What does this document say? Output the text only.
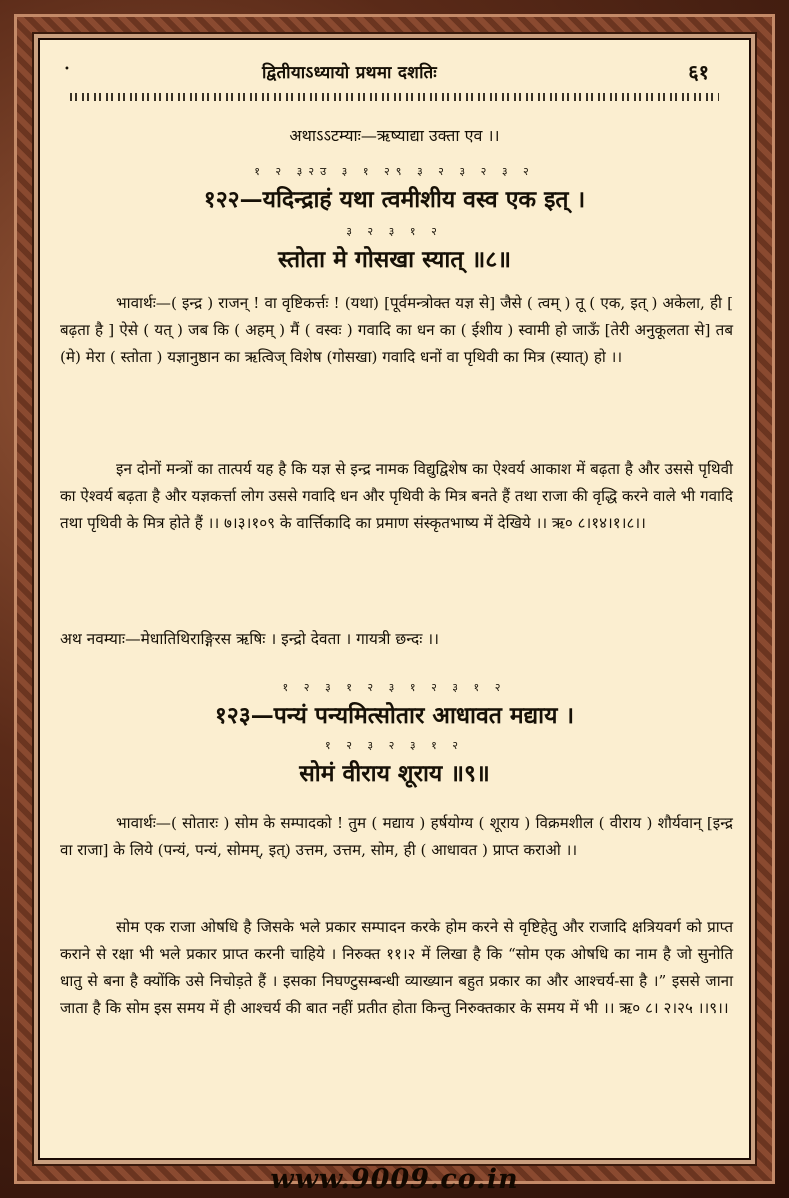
•	द्वितीयाऽध्यायो प्रथमा दशतिः	६१
अथाऽऽटम्याः—ऋष्याद्या उक्ता एव ।।
१ २ ३२उ ३ १ २९ ३ २ ३ २ ३ २
१२२—यदिन्द्राहं यथा त्वमीशीय वस्व एक इत् ।
३ २ ३ १ २
स्तोता मे गोसखा स्यात् ॥८॥
भावार्थः—( इन्द्र ) राजन् ! वा वृष्टिकर्त्तः ! (यथा) [पूर्वमन्त्रोक्त यज्ञ से] जैसे ( त्वम् ) तू ( एक, इत् ) अकेला, ही [ बढ़ता है ] ऐसे ( यत् ) जब कि ( अहम् ) मैं ( वस्वः ) गवादि का धन का ( ईशीय ) स्वामी हो जाऊँ [तेरी अनुकूलता से] तब (मे) मेरा ( स्तोता ) यज्ञानुष्ठान का ऋत्विज् विशेष (गोसखा) गवादि धनों वा पृथिवी का मित्र (स्यात्) हो ।।
इन दोनों मन्त्रों का तात्पर्य यह है कि यज्ञ से इन्द्र नामक विद्युद्विशेष का ऐश्वर्य आकाश में बढ़ता है और उससे पृथिवी का ऐश्वर्य बढ़ता है और यज्ञकर्त्ता लोग उससे गवादि धन और पृथिवी के मित्र बनते हैं तथा राजा की वृद्धि करने वाले भी गवादि तथा पृथिवी के मित्र होते हैं ।। ७।३।१०९ के वार्त्तिकादि का प्रमाण संस्कृतभाष्य में देखिये ।। ऋ० ८।१४।१।८।।
अथ नवम्याः—मेधातिथिराङ्गिरस ऋषिः । इन्द्रो देवता । गायत्री छन्दः ।।
१ २ ३ १ २ ३ १ २ ३ १ २
१२३—पन्यं पन्यमित्सोतार आधावत मद्याय ।
१ २ ३ २ ३ १ २
सोमं वीराय शूराय ॥९॥
भावार्थः—( सोतारः ) सोम के सम्पादको ! तुम ( मद्याय ) हर्षयोग्य ( शूराय ) विक्रमशील ( वीराय ) शौर्यवान् [इन्द्र वा राजा] के लिये (पन्यं, पन्यं, सोमम्, इत्) उत्तम, उत्तम, सोम, ही ( आधावत ) प्राप्त कराओ ।।
सोम एक राजा ओषधि है जिसके भले प्रकार सम्पादन करके होम करने से वृष्टिहेतु और राजादि क्षत्रियवर्ग को प्राप्त कराने से रक्षा भी भले प्रकार प्राप्त करनी चाहिये । निरुक्त ११।२ में लिखा है कि “सोम एक ओषधि का नाम है जो सुनोति धातु से बना है क्योंकि उसे निचोड़ते हैं । इसका निघण्टुसम्बन्धी व्याख्यान बहुत प्रकार का और आश्चर्य-सा है ।” इससे जाना जाता है कि सोम इस समय में ही आश्चर्य की बात नहीं प्रतीत होता किन्तु निरुक्तकार के समय में भी ।। ऋ० ८। २।२५ ।।९।।
www.9009.co.in
